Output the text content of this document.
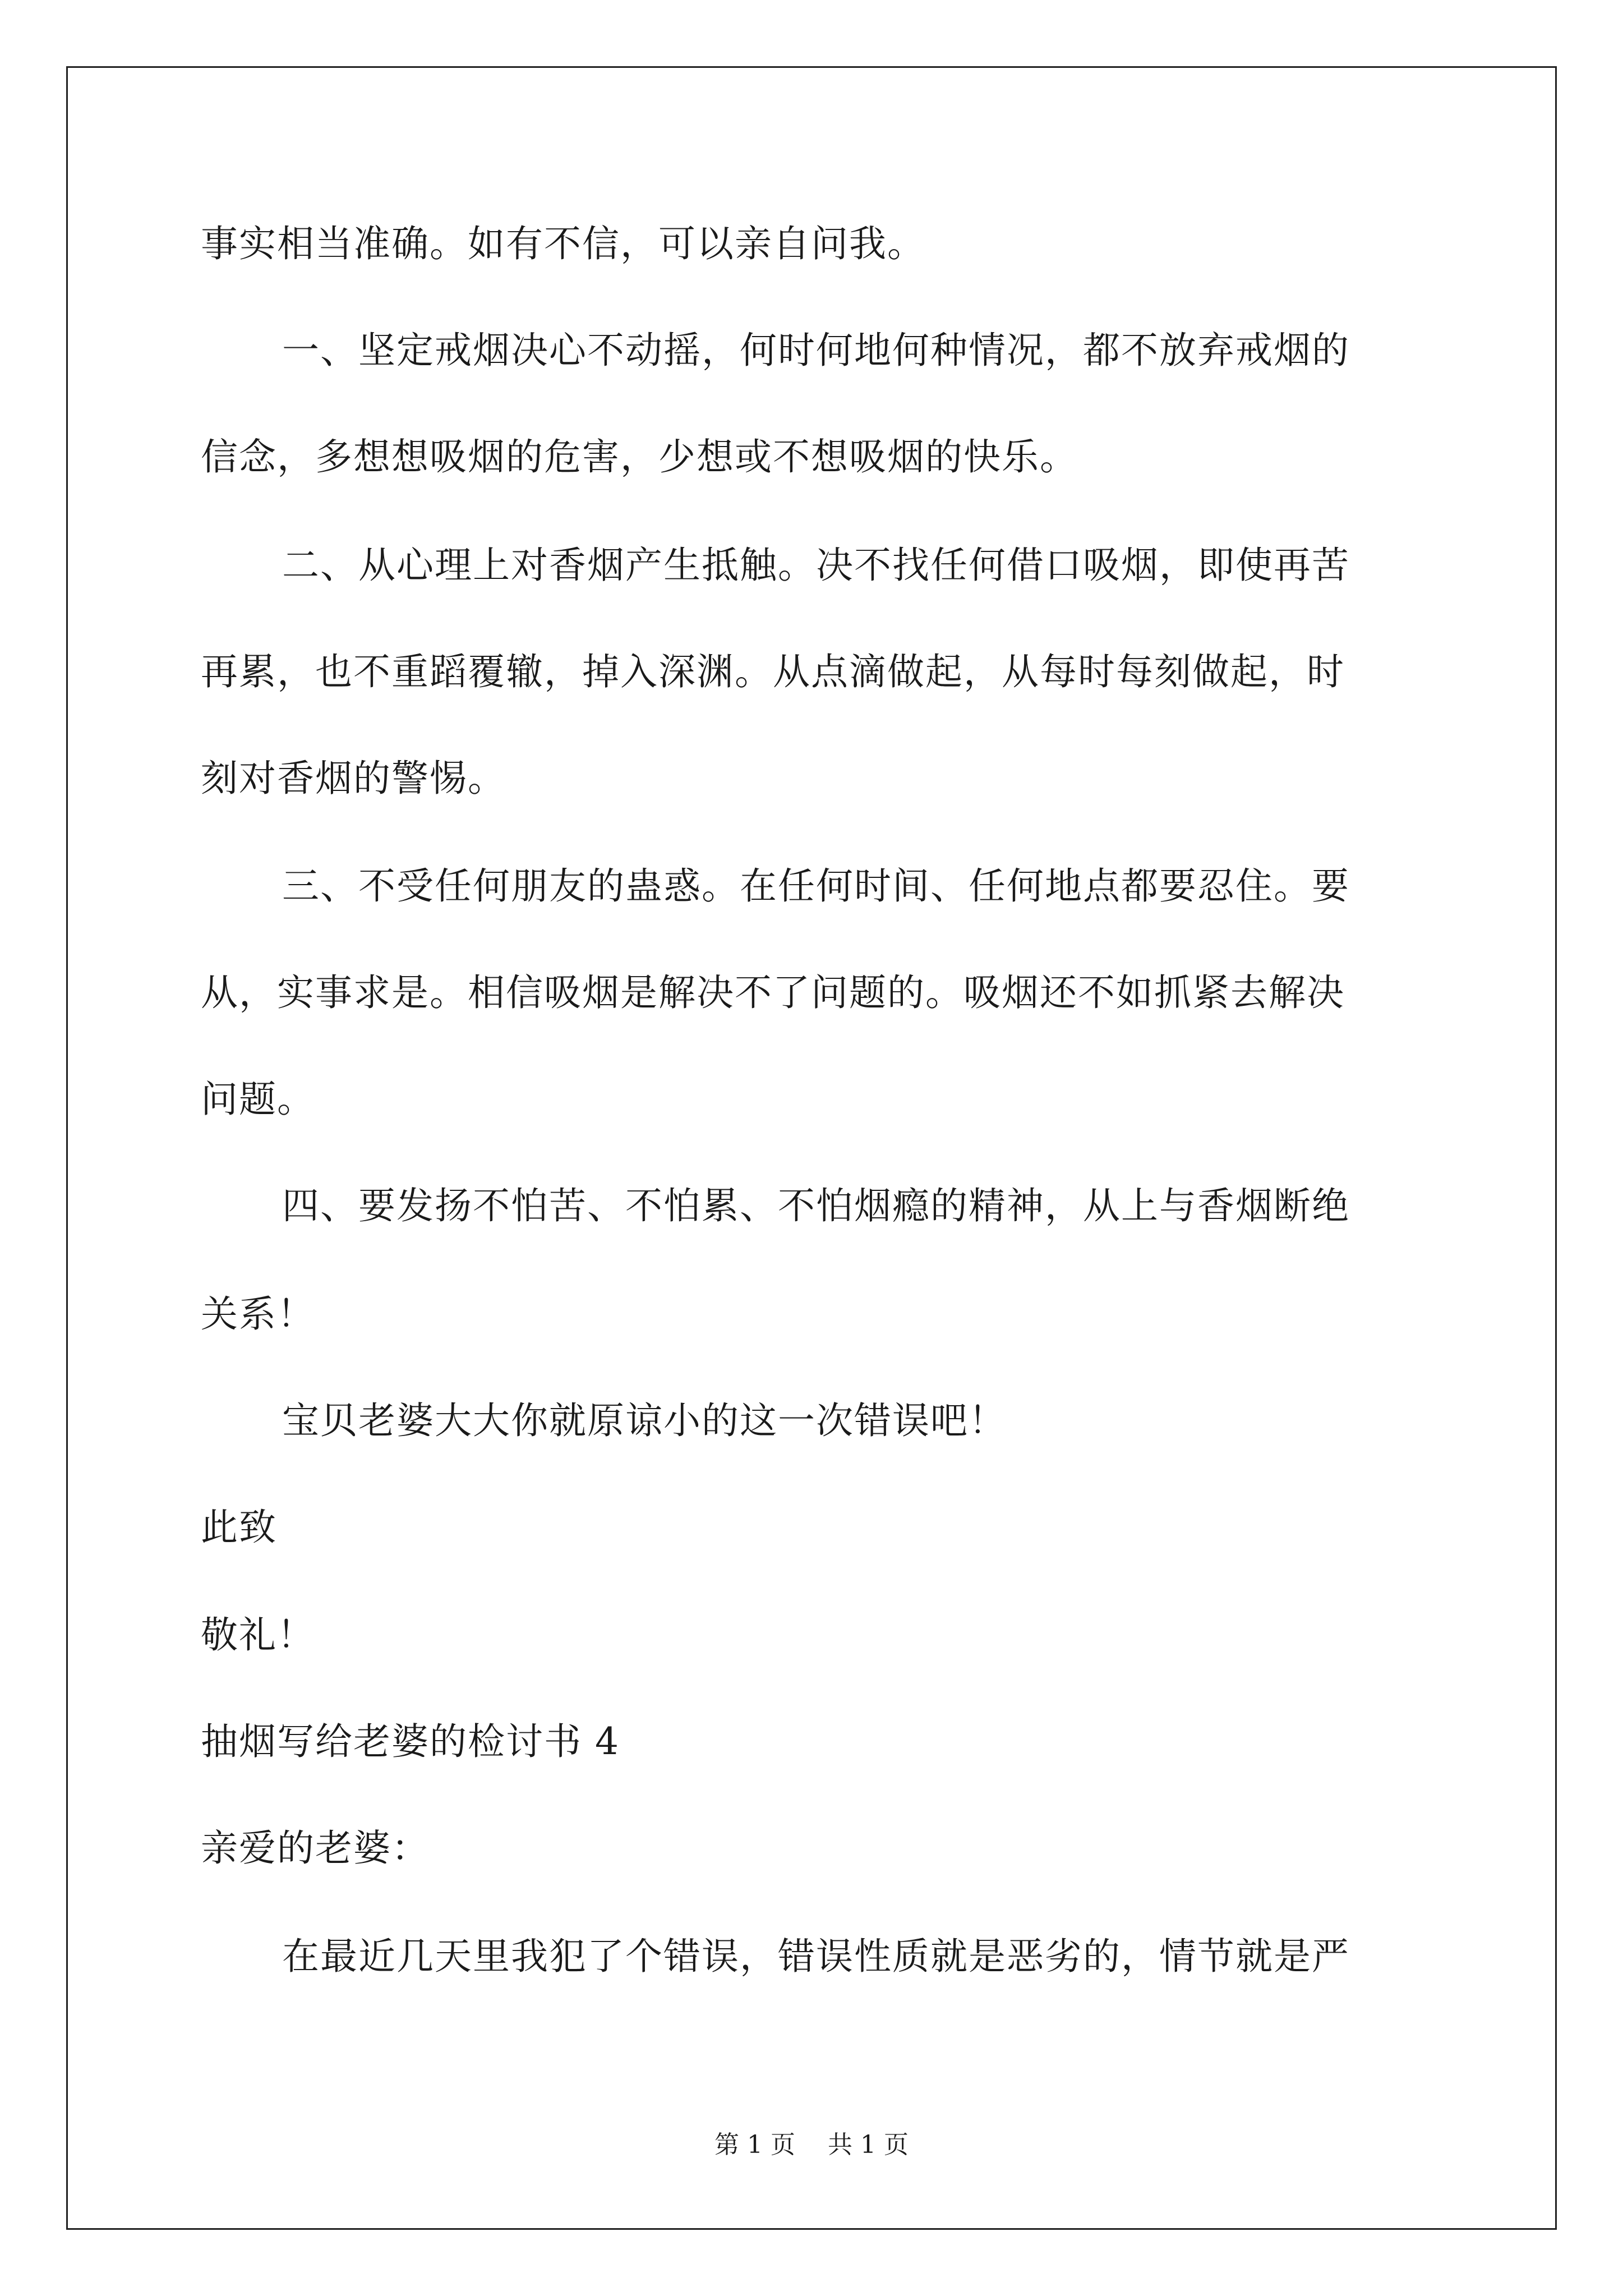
事实相当准确。如有不信，可以亲自问我。
一、坚定戒烟决心不动摇，何时何地何种情况，都不放弃戒烟的
信念，多想想吸烟的危害，少想或不想吸烟的快乐。
二、从心理上对香烟产生抵触。决不找任何借口吸烟，即使再苦
再累，也不重蹈覆辙，掉入深渊。从点滴做起，从每时每刻做起，时
刻对香烟的警惕。
三、不受任何朋友的蛊惑。在任何时间、任何地点都要忍住。要
从，实事求是。相信吸烟是解决不了问题的。吸烟还不如抓紧去解决
问题。
四、要发扬不怕苦、不怕累、不怕烟瘾的精神，从上与香烟断绝
关系！
宝贝老婆大大你就原谅小的这一次错误吧！
此致
敬礼！
抽烟写给老婆的检讨书 4
亲爱的老婆：
在最近几天里我犯了个错误，错误性质就是恶劣的，情节就是严
第 1 页 共 1 页
